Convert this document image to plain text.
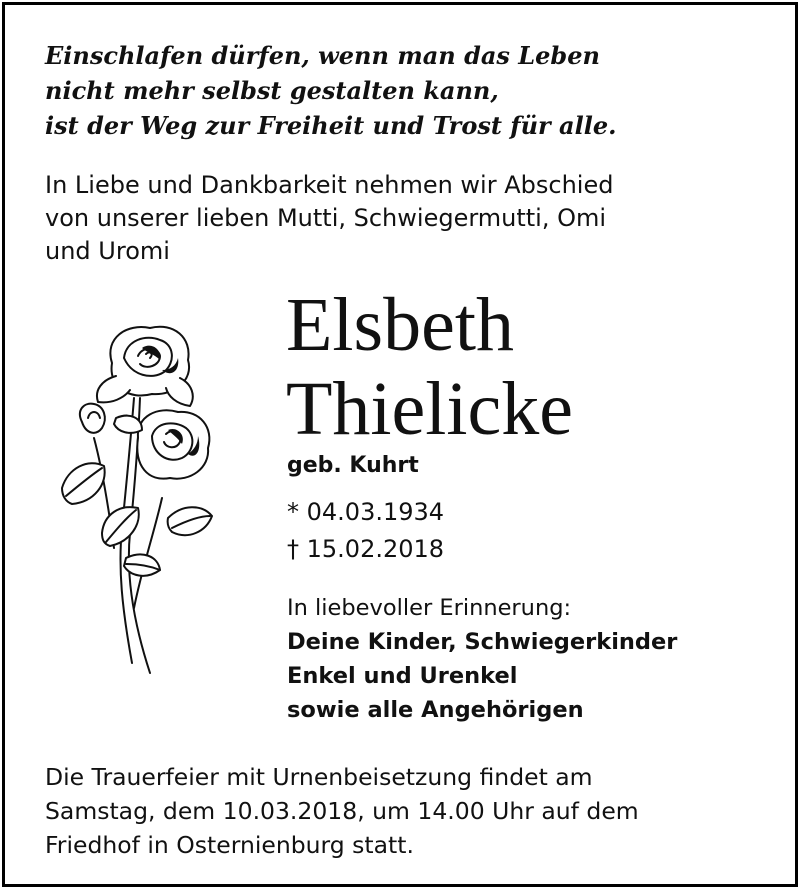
Einschlafen dürfen, wenn man das Leben
nicht mehr selbst gestalten kann,
ist der Weg zur Freiheit und Trost für alle.
In Liebe und Dankbarkeit nehmen wir Abschied
von unserer lieben Mutti, Schwiegermutti, Omi
und Uromi
Elsbeth
Thielicke
geb. Kuhrt
* 04.03.1934
† 15.02.2018
In liebevoller Erinnerung:
Deine Kinder, Schwiegerkinder
Enkel und Urenkel
sowie alle Angehörigen
Die Trauerfeier mit Urnenbeisetzung findet am
Samstag, dem 10.03.2018, um 14.00 Uhr auf dem
Friedhof in Osternienburg statt.
